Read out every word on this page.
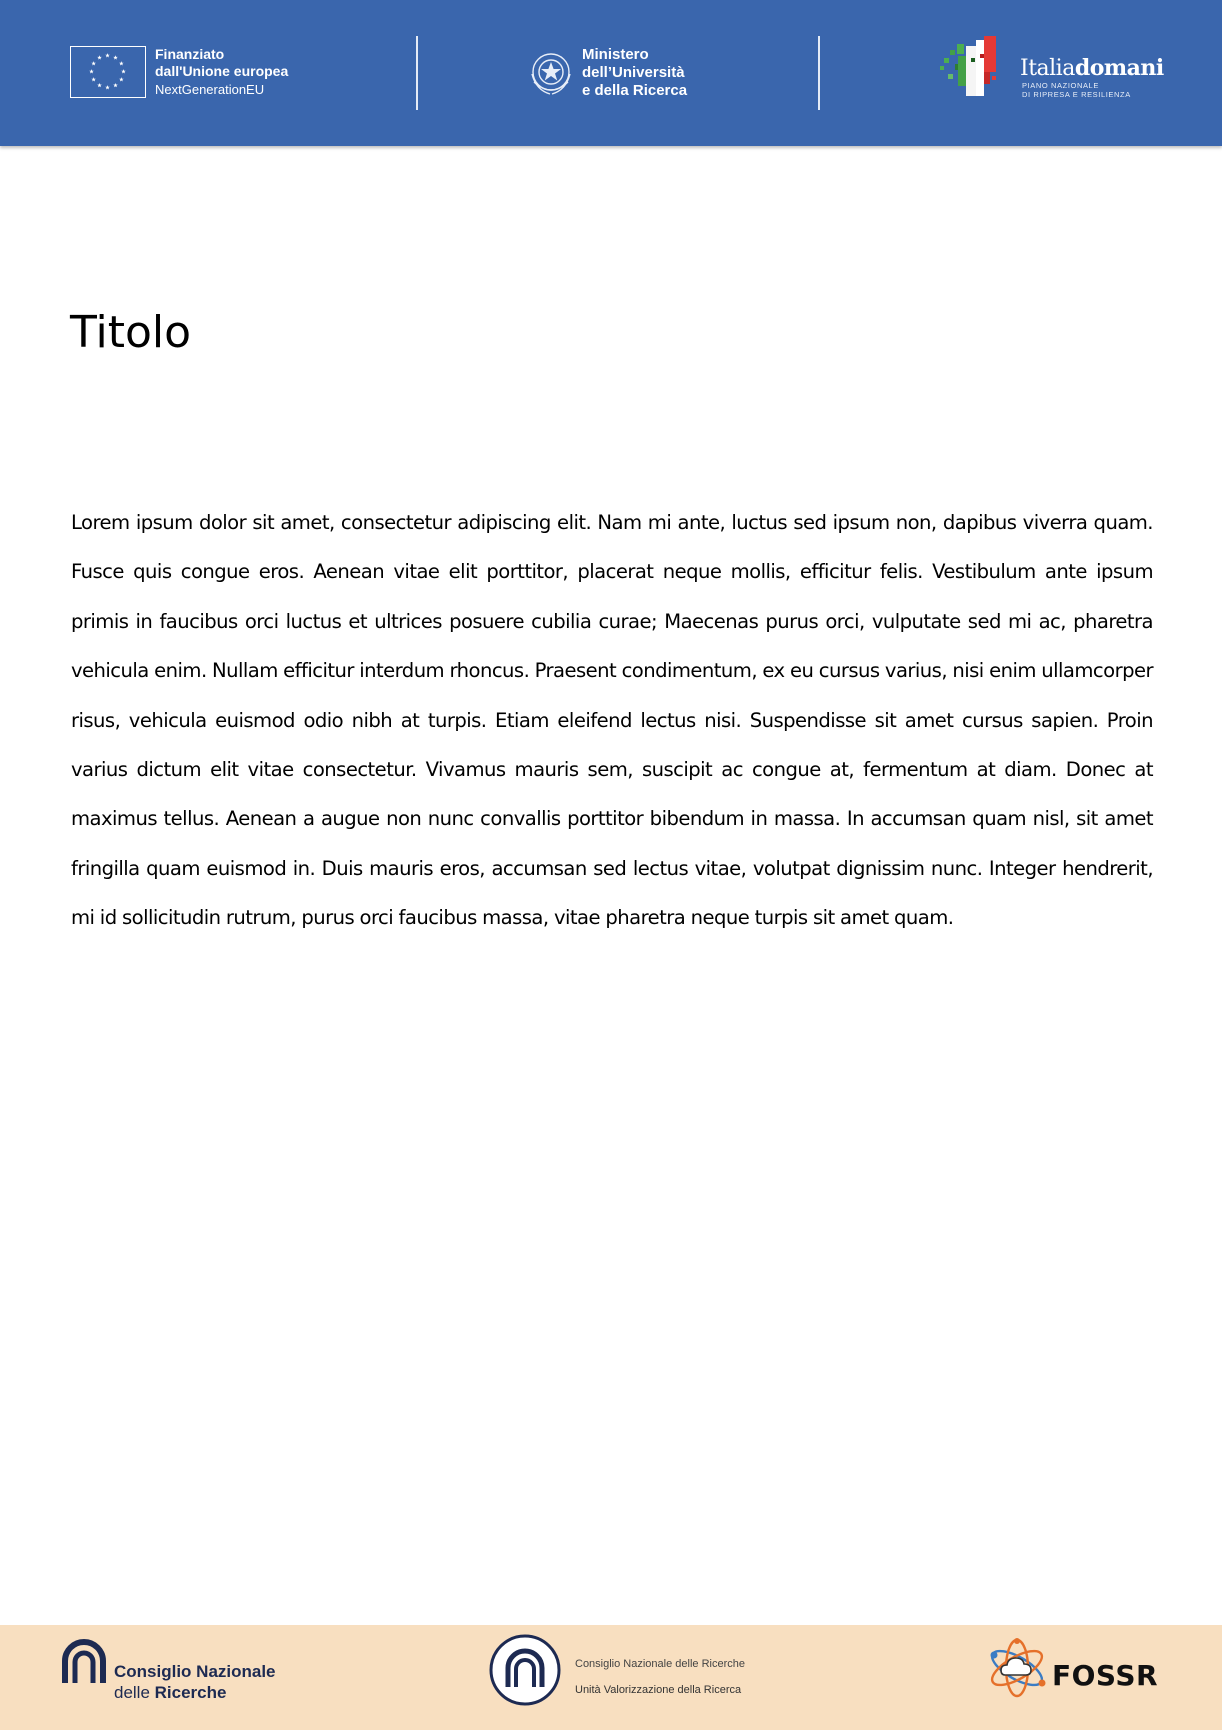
Finanziato
dall'Unione europea
NextGenerationEU
Ministero
dell’Università
e della Ricerca
Italiadomani
PIANO NAZIONALE
DI RIPRESA E RESILIENZA
Titolo

Lorem ipsum dolor sit amet, consectetur adipiscing elit. Nam mi ante, luctus sed ipsum non, dapibus viverra quam. Fusce quis congue eros. Aenean vitae elit porttitor, placerat neque mollis, efficitur felis. Vestibulum ante ipsum primis in faucibus orci luctus et ultrices posuere cubilia curae; Maecenas purus orci, vulputate sed mi ac, pharetra vehicula enim. Nullam efficitur interdum rhoncus. Praesent condimentum, ex eu cursus varius, nisi enim ullamcorper risus, vehicula euismod odio nibh at turpis. Etiam eleifend lectus nisi. Suspendisse sit amet cursus sapien. Proin varius dictum elit vitae consectetur. Vivamus mauris sem, suscipit ac congue at, fermentum at diam. Donec at maximus tellus. Aenean a augue non nunc convallis porttitor bibendum in massa. In accumsan quam nisl, sit amet fringilla quam euismod in. Duis mauris eros, accumsan sed lectus vitae, volutpat dignissim nunc. Integer hendrerit, mi id sollicitudin rutrum, purus orci faucibus massa, vitae pharetra neque turpis sit amet quam.

Consiglio Nazionale
delle Ricerche
Consiglio Nazionale delle Ricerche
Unità Valorizzazione della Ricerca	FOSSR
